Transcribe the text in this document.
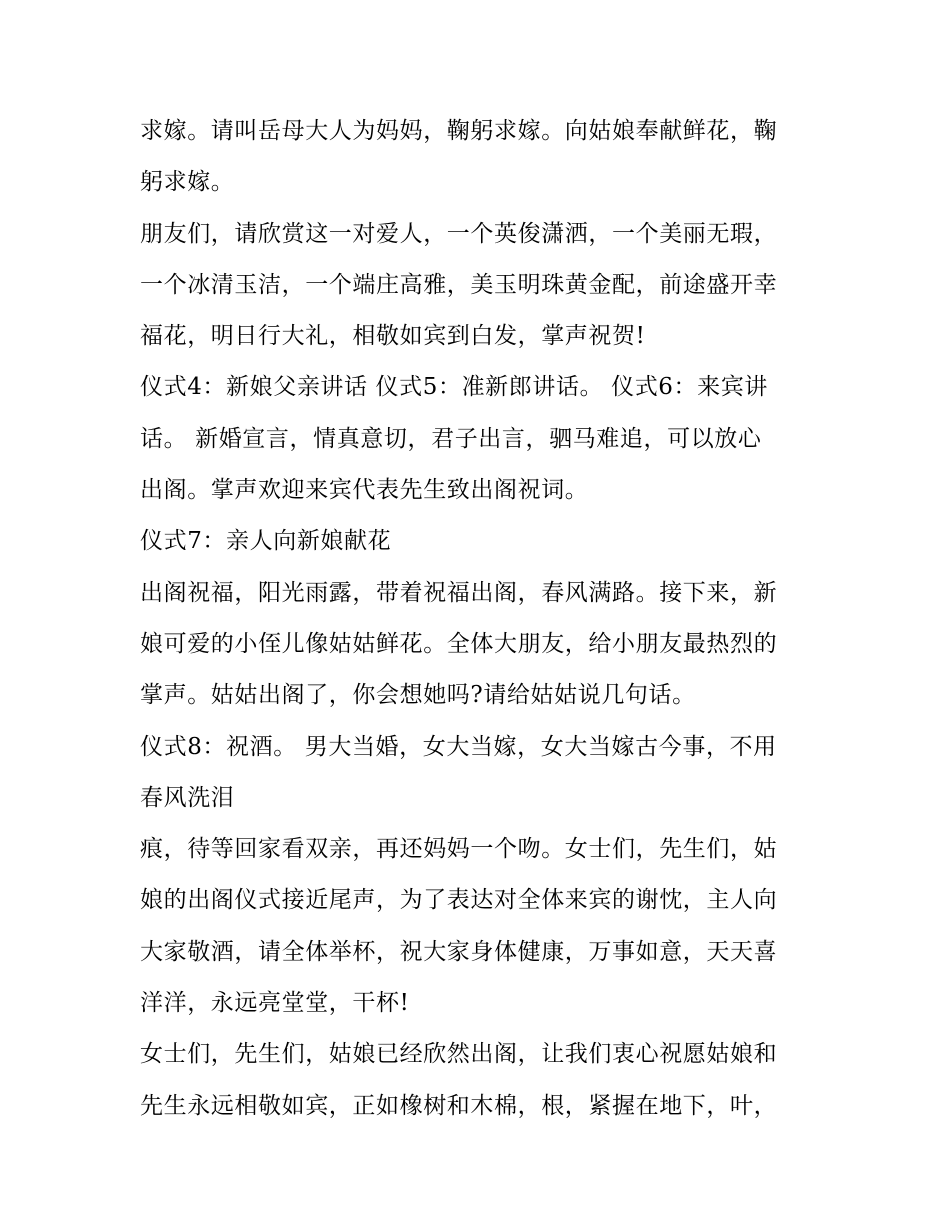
求嫁。请叫岳母大人为妈妈，鞠躬求嫁。向姑娘奉献鲜花，鞠
躬求嫁。
朋友们，请欣赏这一对爱人，一个英俊潇洒，一个美丽无瑕，
一个冰清玉洁，一个端庄高雅，美玉明珠黄金配，前途盛开幸
福花，明日行大礼，相敬如宾到白发，掌声祝贺!
仪式4：新娘父亲讲话 仪式5：准新郎讲话。 仪式6：来宾讲
话。 新婚宣言，情真意切，君子出言，驷马难追，可以放心
出阁。掌声欢迎来宾代表先生致出阁祝词。
仪式7：亲人向新娘献花
出阁祝福，阳光雨露，带着祝福出阁，春风满路。接下来，新
娘可爱的小侄儿像姑姑鲜花。全体大朋友，给小朋友最热烈的
掌声。姑姑出阁了，你会想她吗?请给姑姑说几句话。
仪式8：祝酒。 男大当婚，女大当嫁，女大当嫁古今事，不用
春风洗泪
痕，待等回家看双亲，再还妈妈一个吻。女士们，先生们，姑
娘的出阁仪式接近尾声，为了表达对全体来宾的谢忱，主人向
大家敬酒，请全体举杯，祝大家身体健康，万事如意，天天喜
洋洋，永远亮堂堂，干杯!
女士们，先生们，姑娘已经欣然出阁，让我们衷心祝愿姑娘和
先生永远相敬如宾，正如橡树和木棉，根，紧握在地下，叶，
